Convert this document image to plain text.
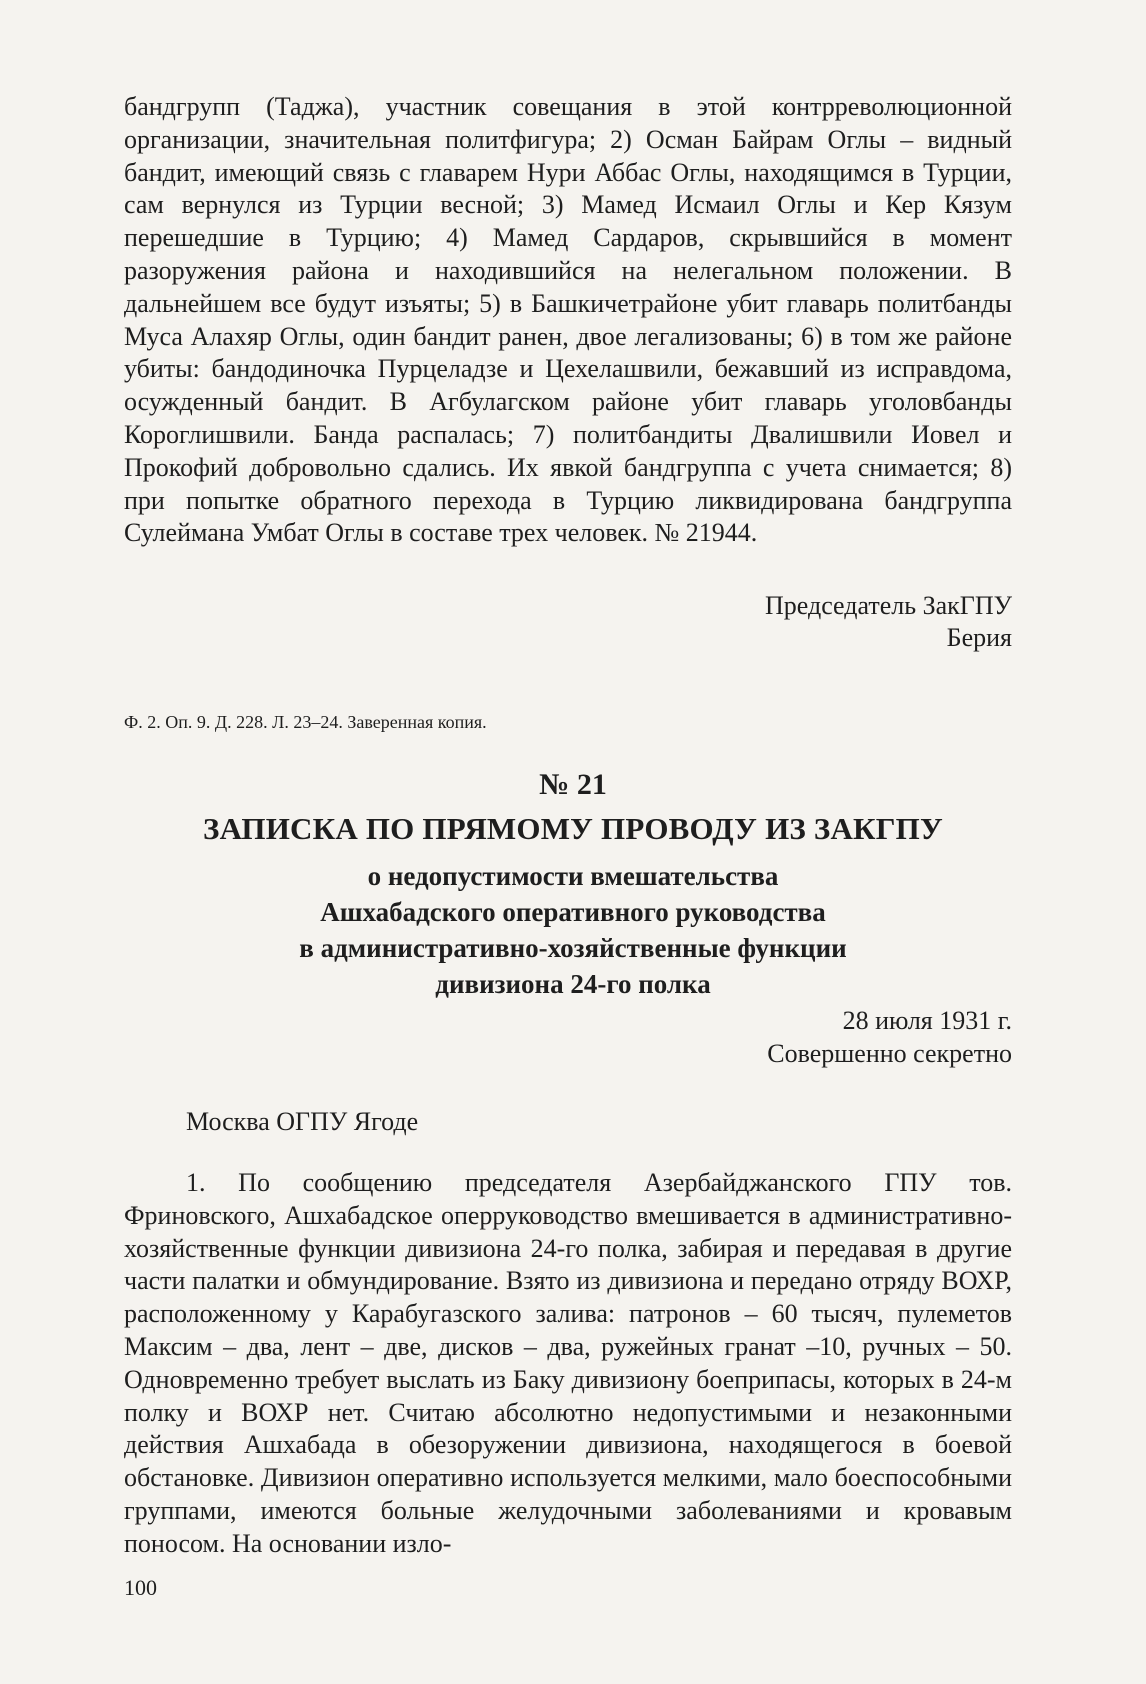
бандгрупп (Таджа), участник совещания в этой контрреволюционной организации, значительная политфигура; 2) Осман Байрам Оглы – видный бандит, имеющий связь с главарем Нури Аббас Оглы, находящимся в Турции, сам вернулся из Турции весной; 3) Мамед Исмаил Оглы и Кер Кязум перешедшие в Турцию; 4) Мамед Сардаров, скрывшийся в момент разоружения района и находившийся на нелегальном положении. В дальнейшем все будут изъяты; 5) в Башкичетрайоне убит главарь политбанды Муса Алахяр Оглы, один бандит ранен, двое легализованы; 6) в том же районе убиты: бандодиночка Пурцеладзе и Цехелашвили, бежавший из исправдома, осужденный бандит. В Агбулагском районе убит главарь уголовбанды Короглишвили. Банда распалась; 7) политбандиты Двалишвили Иовел и Прокофий добровольно сдались. Их явкой бандгруппа с учета снимается; 8) при попытке обратного перехода в Турцию ликвидирована бандгруппа Сулеймана Умбат Оглы в составе трех человек. № 21944.

Председатель ЗакГПУ
Берия
Ф. 2. Оп. 9. Д. 228. Л. 23–24. Заверенная копия.
№ 21
ЗАПИСКА ПО ПРЯМОМУ ПРОВОДУ ИЗ ЗАКГПУ
о недопустимости вмешательства
Ашхабадского оперативного руководства
в административно-хозяйственные функции
дивизиона 24-го полка
28 июля 1931 г.
Совершенно секретно
Москва ОГПУ Ягоде

1. По сообщению председателя Азербайджанского ГПУ тов. Фриновского, Ашхабадское оперруководство вмешивается в административно-хозяйственные функции дивизиона 24-го полка, забирая и передавая в другие части палатки и обмундирование. Взято из дивизиона и передано отряду ВОХР, расположенному у Карабугазского залива: патронов – 60 тысяч, пулеметов Максим – два, лент – две, дисков – два, ружейных гранат –10, ручных – 50. Одновременно требует выслать из Баку дивизиону боеприпасы, которых в 24-м полку и ВОХР нет. Считаю абсолютно недопустимыми и незаконными действия Ашхабада в обезоружении дивизиона, находящегося в боевой обстановке. Дивизион оперативно используется мелкими, мало боеспособными группами, имеются больные желудочными заболеваниями и кровавым поносом. На основании изло-

100
